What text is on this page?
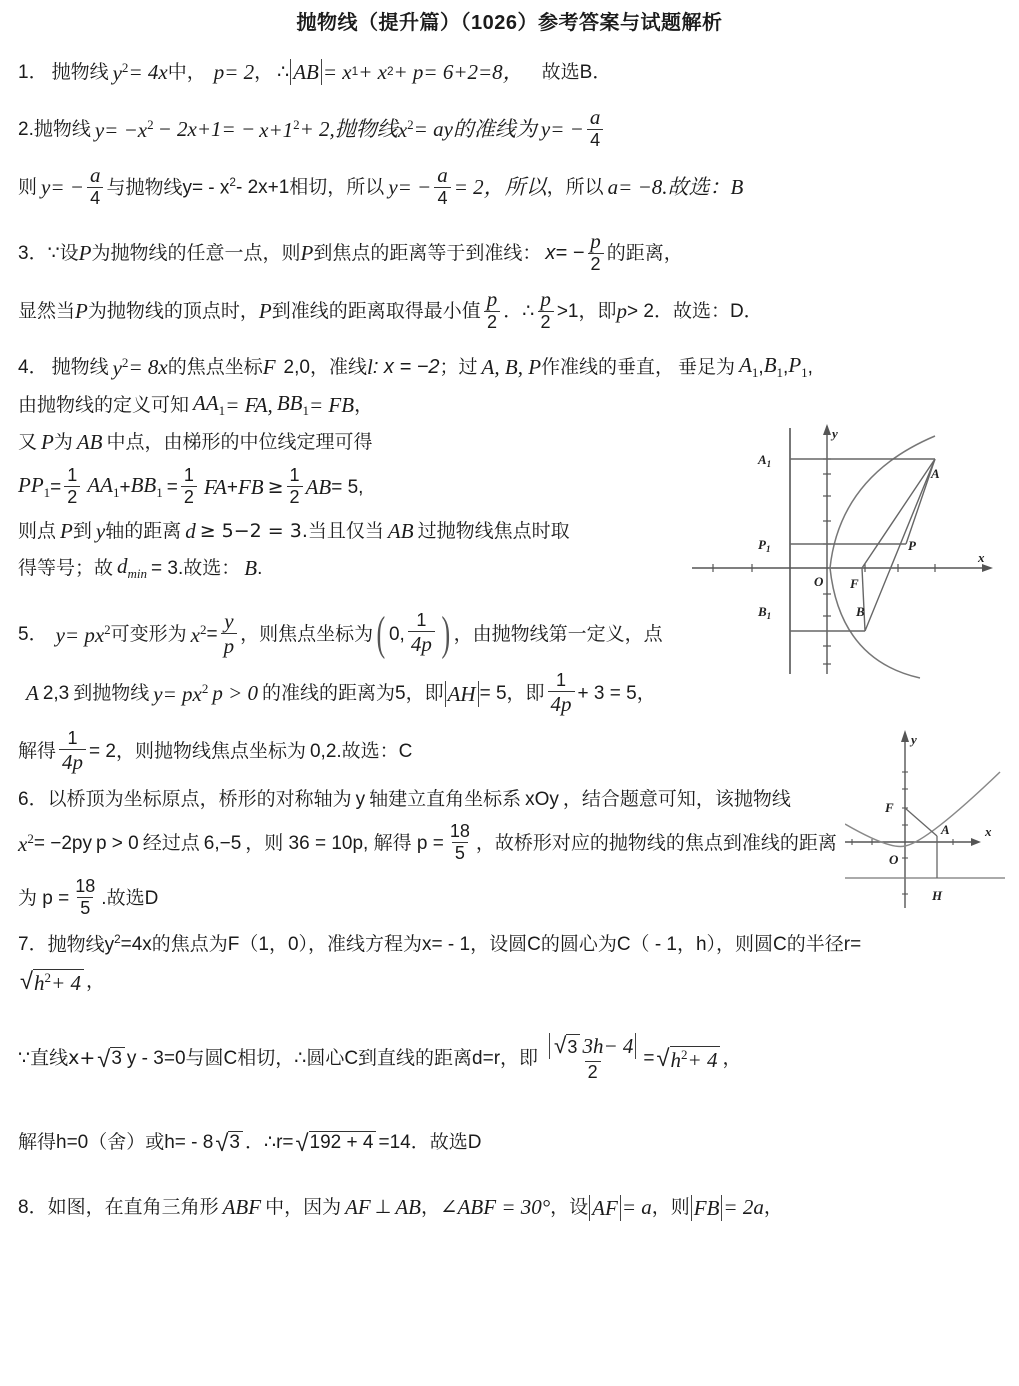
抛物线（提升篇）（1026）参考答案与试题解析
1． 抛物线 $y^2 = 4x$ 中， p= 2 ， ∴ AB = x 1 + x 2 + p= 6+2=8， 故选B．
2.抛物线 $y= -x^2 - 2x+1= - x+1^2 + 2$,抛物线 $x^2$ = ay的准线为 $y= - \frac{a}{4}$
则 $y= - \frac{a}{4}$ 与抛物线$y= - x^2 - 2x+1$相切，所以 $y= - \frac{a}{4} = 2$，所以 ，所以 a= −8.故选：B
3． ∵设 P 为抛物线的任意一点，则 P 到焦点的距离等于到准线： $x= - \frac{p}{2}$ 的距离，
显然当 P 为抛物线的顶点时， P 到准线的距离取得最小值 $\frac{p}{2}$ ． ∴ $\frac{p}{2} >1$ ，即 p > 2 ．故选：D．
4． 抛物线 $y^2 = 8x$ 的焦点坐标 F 2,0 ，准线 l : x = −2 ；过 A, B, P 作准线的垂直， 垂足为 $A_1$ , $B_1$ , $P_1$ ,
由抛物线的定义可知 $AA_1$ = FA, $BB_1$ = FB ，
又 P 为 AB 中点，由梯形的中位线定理可得
$PP_1 = \frac{1}{2} AA_1 + BB_1 = \frac{1}{2}$ FA + FB ≥ $\frac{1}{2}$ AB = 5,
则点 P 到 y 轴的距离 d ≥ 5−2 = 3. 当且仅当 AB 过抛物线焦点时取
得等号；故 $d_{min} = 3$.故选： B .
5． $y= px^2$ 可变形为 $x^2 = \frac{y}{p}$ ，则焦点坐标为 ( 0, $\frac{1}{4p}$ ) ，由抛物线第一定义，点
A 2,3 到抛物线 $y= px^2$ p > 0 的准线的距离为5，即 AH = 5，即 $\frac{1}{4p} + 3 = 5$，
解得 $\frac{1}{4p} = 2$，则抛物线焦点坐标为 0,2 .故选：C
6． 以桥顶为坐标原点，桥形的对称轴为 y 轴建立直角坐标系 xOy ，结合题意可知，该抛物线
$x^2 = -2py$ p > 0 经过点 6,−5 ，则 36 = 10p, 解得 $p = \frac{18}{5}$ ，故桥形对应的抛物线的焦点到准线的距离
为 $p = \frac{18}{5}$ .故选D
7． 抛物线$y^2 =4x$的焦点为F（1，0），准线方程为x= - 1，设圆C的圆心为C（ - 1，h），则圆C的半径r=
√ $h^2+ 4$ ，
∵直线x+ √ 3 y - 3=0与圆C相切，∴圆心C到直线的距离d=r，即 $\frac{√ 3 3h- 4}{2}$ = √ $h^2+ 4$ ，
解得h=0（舍）或h= - 8 √ 3 ．∴r= √ 192 + 4 =14．故选D
8． 如图，在直角三角形 ABF 中，因为 AF ⊥ AB ， ∠ABF = 30° ，设 AF = a ，则 FB = 2a ，
$A_1$
$P_1$
$B_1$
O F
A
P
B
y
x
F
A
O
H
y
x
